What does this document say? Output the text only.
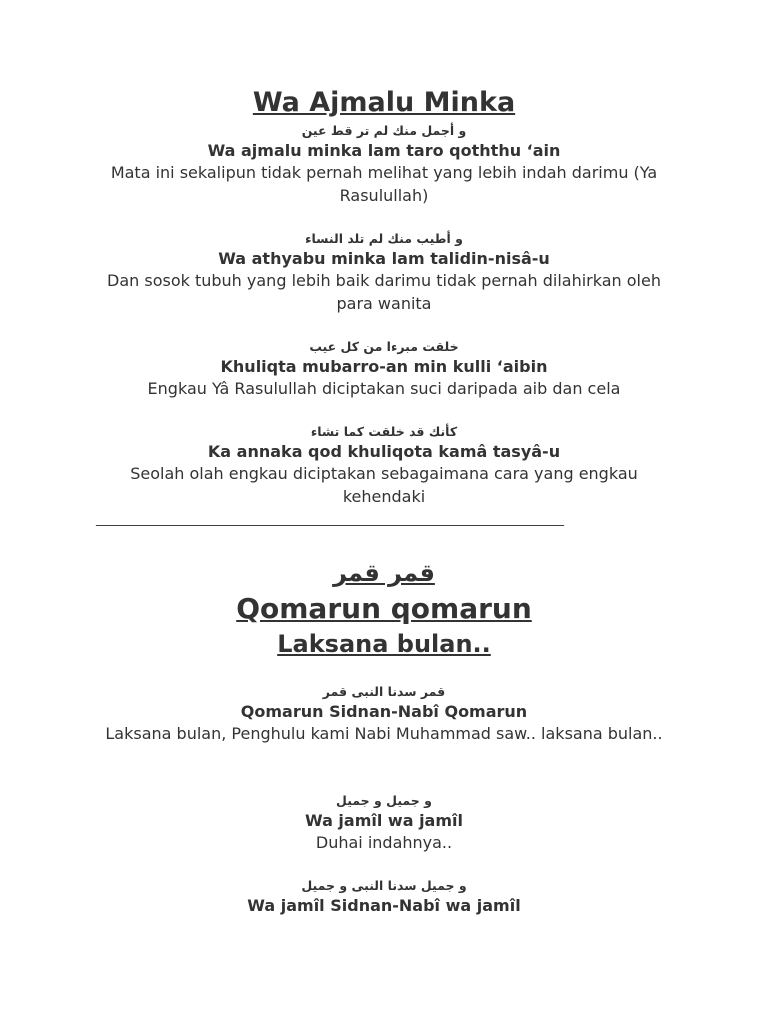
Wa Ajmalu Minka
و أجمل منك لم تر قط عين
Wa ajmalu minka lam taro qoththu ‘ain
Mata ini sekalipun tidak pernah melihat yang lebih indah darimu (Ya Rasulullah)
و أطيب منك لم تلد النساء
Wa athyabu minka lam talidin-nisâ-u
Dan sosok tubuh yang lebih baik darimu tidak pernah dilahirkan oleh para wanita
خلقت مبرءا من كل عيب
Khuliqta mubarro-an min kulli ‘aibin
Engkau Yâ Rasulullah diciptakan suci daripada aib dan cela
كأنك قد خلقت كما تشاء
Ka annaka qod khuliqota kamâ tasyâ-u
Seolah olah engkau diciptakan sebagaimana cara yang engkau kehendaki
________________________________________________________________________
قمر قمر
Qomarun qomarun
Laksana bulan..
قمر سدنا النبى قمر
Qomarun Sidnan-Nabî Qomarun
Laksana bulan, Penghulu kami Nabi Muhammad saw.. laksana bulan..
و جميل و جميل
Wa jamîl wa jamîl
Duhai indahnya..
و جميل سدنا النبى و جميل
Wa jamîl Sidnan-Nabî wa jamîl
